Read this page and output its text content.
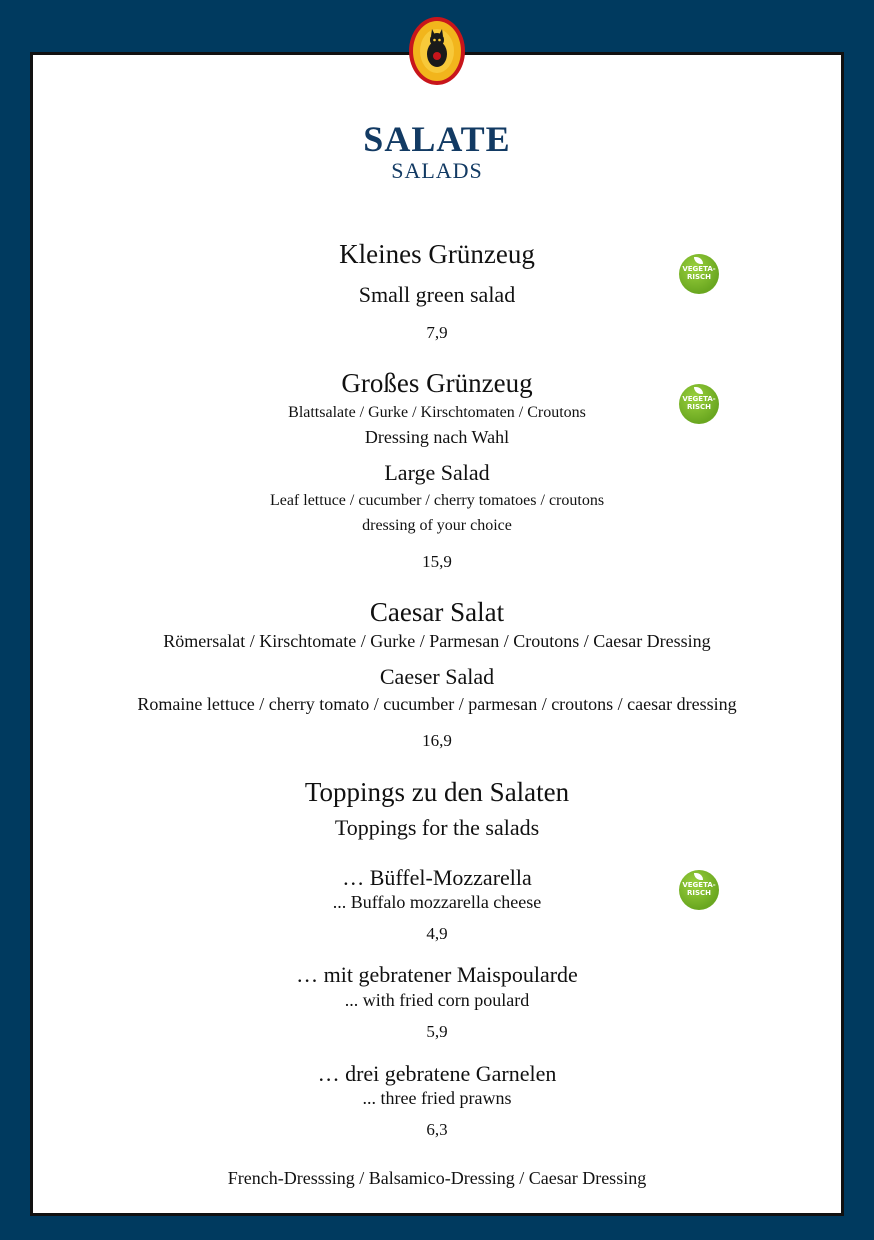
SALATE
SALADS
Kleines Grünzeug
Small green salad
7,9
VEGETA-
RISCH
Großes Grünzeug
Blattsalate / Gurke / Kirschtomaten / Croutons
Dressing nach Wahl
Large Salad
Leaf lettuce / cucumber / cherry tomatoes / croutons
dressing of your choice
15,9
VEGETA-
RISCH
Caesar Salat
Römersalat / Kirschtomate / Gurke / Parmesan / Croutons / Caesar Dressing
Caeser Salad
Romaine lettuce / cherry tomato / cucumber / parmesan / croutons / caesar dressing
16,9
Toppings zu den Salaten
Toppings for the salads
… Büffel-Mozzarella
... Buffalo mozzarella cheese
4,9
VEGETA-
RISCH
… mit gebratener Maispoularde
... with fried corn poulard
5,9
… drei gebratene Garnelen
... three fried prawns
6,3
French-Dresssing / Balsamico-Dressing / Caesar Dressing
